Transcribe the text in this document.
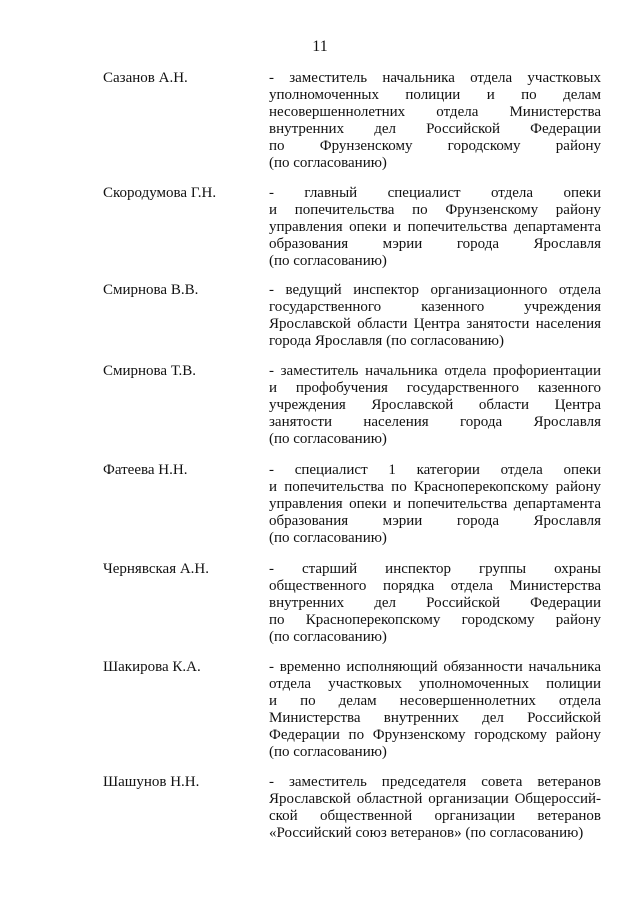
11
Сазанов А.Н.	- заместитель начальника отдела участковых
уполномоченных полиции и по делам
несовершеннолетних отдела Министерства
внутренних дел Российской Федерации
по Фрунзенскому городскому району
(по согласованию)
Скородумова Г.Н.	- главный специалист отдела опеки
и попечительства по Фрунзенскому району
управления опеки и попечительства департамента
образования мэрии города Ярославля
(по согласованию)
Смирнова В.В.	- ведущий инспектор организационного отдела
государственного казенного учреждения
Ярославской области Центра занятости населения
города Ярославля (по согласованию)
Смирнова Т.В.	- заместитель начальника отдела профориентации
и профобучения государственного казенного
учреждения Ярославской области Центра
занятости населения города Ярославля
(по согласованию)
Фатеева Н.Н.	- специалист 1 категории отдела опеки
и попечительства по Красноперекопскому району
управления опеки и попечительства департамента
образования мэрии города Ярославля
(по согласованию)
Чернявская А.Н.	- старший инспектор группы охраны
общественного порядка отдела Министерства
внутренних дел Российской Федерации
по Красноперекопскому городскому району
(по согласованию)
Шакирова К.А.	- временно исполняющий обязанности начальника
отдела участковых уполномоченных полиции
и по делам несовершеннолетних отдела
Министерства внутренних дел Российской
Федерации по Фрунзенскому городскому району
(по согласованию)
Шашунов Н.Н.	- заместитель председателя совета ветеранов
Ярославской областной организации Общероссий-
ской общественной организации ветеранов
«Российский союз ветеранов» (по согласованию)
